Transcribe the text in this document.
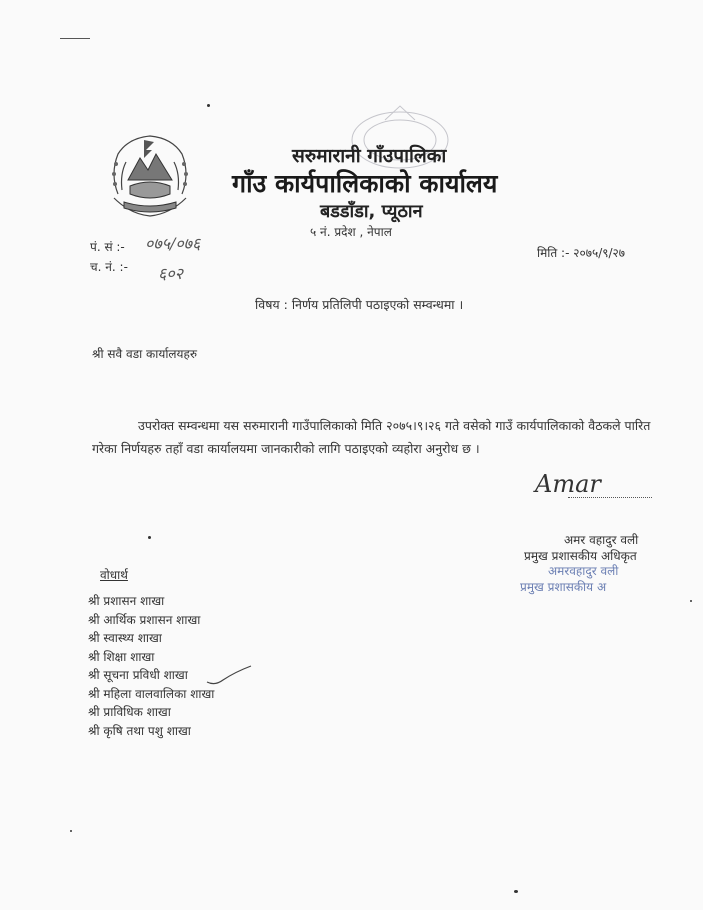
सरुमारानी गाँउपालिका
गाँउ कार्यपालिकाको कार्यालय
बडडाँडा, प्यूठान
५ नं. प्रदेश , नेपाल
पं. सं :- ०७५/०७६
च. नं. :- ६०२
मिति :- २०७५/९/२७
विषय : निर्णय प्रतिलिपी पठाइएको सम्वन्धमा ।
श्री सवै वडा कार्यालयहरु
उपरोक्त सम्वन्धमा यस सरुमारानी गाउँपालिकाको मिति २०७५।९।२६ गते वसेको गाउँ कार्यपालिकाको वैठकले पारित गरेका निर्णयहरु तहाँ वडा कार्यालयमा जानकारीको लागि पठाइएको व्यहोरा अनुरोध छ ।
Amar
अमर वहादुर वली
प्रमुख प्रशासकीय अधिकृत
अमरवहादुर वली
प्रमुख प्रशासकीय अ
वोधार्थ
श्री प्रशासन शाखा
श्री आर्थिक प्रशासन शाखा
श्री स्वास्थ्य शाखा
श्री शिक्षा शाखा
श्री सूचना प्रविधी शाखा
श्री महिला वालवालिका शाखा
श्री प्राविधिक शाखा
श्री कृषि तथा पशु शाखा
